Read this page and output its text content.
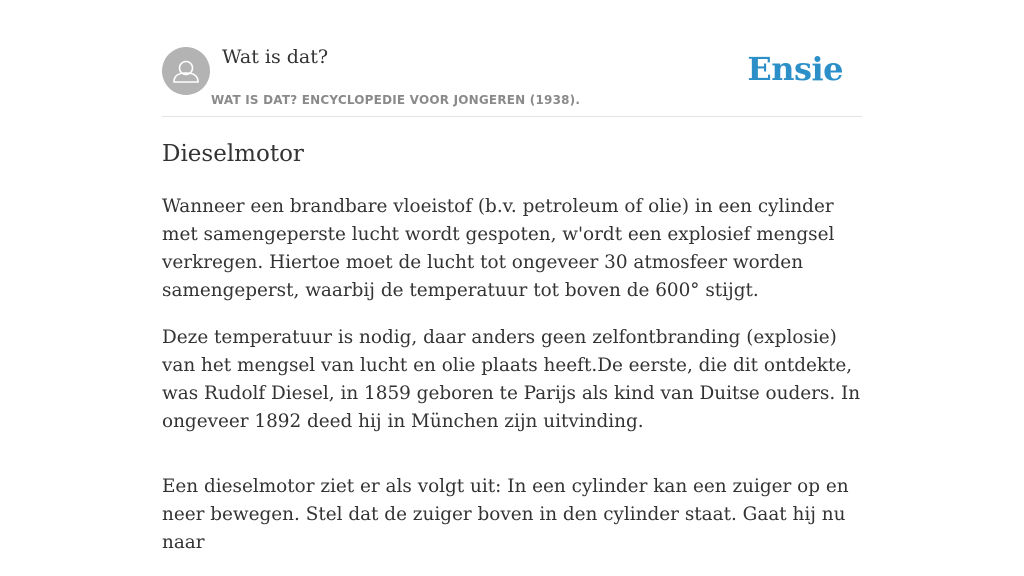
Wat is dat?
WAT IS DAT? ENCYCLOPEDIE VOOR JONGEREN (1938).
Ensie
Dieselmotor

Wanneer een brandbare vloeistof (b.v. petroleum of olie) in een cylinder met samengeperste lucht wordt gespoten, w'ordt een explosief mengsel verkregen. Hiertoe moet de lucht tot ongeveer 30 atmosfeer worden samengeperst, waarbij de temperatuur tot boven de 600° stijgt.

Deze temperatuur is nodig, daar anders geen zelfontbranding (explosie) van het mengsel van lucht en olie plaats heeft.De eerste, die dit ontdekte, was Rudolf Diesel, in 1859 geboren te Parijs als kind van Duitse ouders. In ongeveer 1892 deed hij in München zijn uitvinding.

Een dieselmotor ziet er als volgt uit: In een cylinder kan een zuiger op en neer bewegen. Stel dat de zuiger boven in den cylinder staat. Gaat hij nu naar
